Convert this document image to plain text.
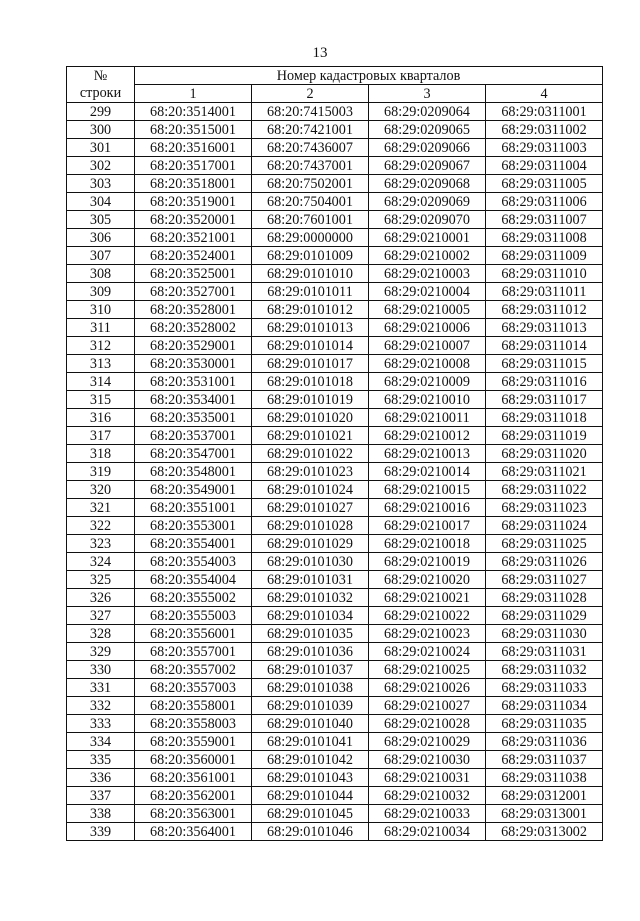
13
№	Номер кадастровых кварталов			
строки	1	2	3	4
299	68:20:3514001	68:20:7415003	68:29:0209064	68:29:0311001
300	68:20:3515001	68:20:7421001	68:29:0209065	68:29:0311002
301	68:20:3516001	68:20:7436007	68:29:0209066	68:29:0311003
302	68:20:3517001	68:20:7437001	68:29:0209067	68:29:0311004
303	68:20:3518001	68:20:7502001	68:29:0209068	68:29:0311005
304	68:20:3519001	68:20:7504001	68:29:0209069	68:29:0311006
305	68:20:3520001	68:20:7601001	68:29:0209070	68:29:0311007
306	68:20:3521001	68:29:0000000	68:29:0210001	68:29:0311008
307	68:20:3524001	68:29:0101009	68:29:0210002	68:29:0311009
308	68:20:3525001	68:29:0101010	68:29:0210003	68:29:0311010
309	68:20:3527001	68:29:0101011	68:29:0210004	68:29:0311011
310	68:20:3528001	68:29:0101012	68:29:0210005	68:29:0311012
311	68:20:3528002	68:29:0101013	68:29:0210006	68:29:0311013
312	68:20:3529001	68:29:0101014	68:29:0210007	68:29:0311014
313	68:20:3530001	68:29:0101017	68:29:0210008	68:29:0311015
314	68:20:3531001	68:29:0101018	68:29:0210009	68:29:0311016
315	68:20:3534001	68:29:0101019	68:29:0210010	68:29:0311017
316	68:20:3535001	68:29:0101020	68:29:0210011	68:29:0311018
317	68:20:3537001	68:29:0101021	68:29:0210012	68:29:0311019
318	68:20:3547001	68:29:0101022	68:29:0210013	68:29:0311020
319	68:20:3548001	68:29:0101023	68:29:0210014	68:29:0311021
320	68:20:3549001	68:29:0101024	68:29:0210015	68:29:0311022
321	68:20:3551001	68:29:0101027	68:29:0210016	68:29:0311023
322	68:20:3553001	68:29:0101028	68:29:0210017	68:29:0311024
323	68:20:3554001	68:29:0101029	68:29:0210018	68:29:0311025
324	68:20:3554003	68:29:0101030	68:29:0210019	68:29:0311026
325	68:20:3554004	68:29:0101031	68:29:0210020	68:29:0311027
326	68:20:3555002	68:29:0101032	68:29:0210021	68:29:0311028
327	68:20:3555003	68:29:0101034	68:29:0210022	68:29:0311029
328	68:20:3556001	68:29:0101035	68:29:0210023	68:29:0311030
329	68:20:3557001	68:29:0101036	68:29:0210024	68:29:0311031
330	68:20:3557002	68:29:0101037	68:29:0210025	68:29:0311032
331	68:20:3557003	68:29:0101038	68:29:0210026	68:29:0311033
332	68:20:3558001	68:29:0101039	68:29:0210027	68:29:0311034
333	68:20:3558003	68:29:0101040	68:29:0210028	68:29:0311035
334	68:20:3559001	68:29:0101041	68:29:0210029	68:29:0311036
335	68:20:3560001	68:29:0101042	68:29:0210030	68:29:0311037
336	68:20:3561001	68:29:0101043	68:29:0210031	68:29:0311038
337	68:20:3562001	68:29:0101044	68:29:0210032	68:29:0312001
338	68:20:3563001	68:29:0101045	68:29:0210033	68:29:0313001
339	68:20:3564001	68:29:0101046	68:29:0210034	68:29:0313002
